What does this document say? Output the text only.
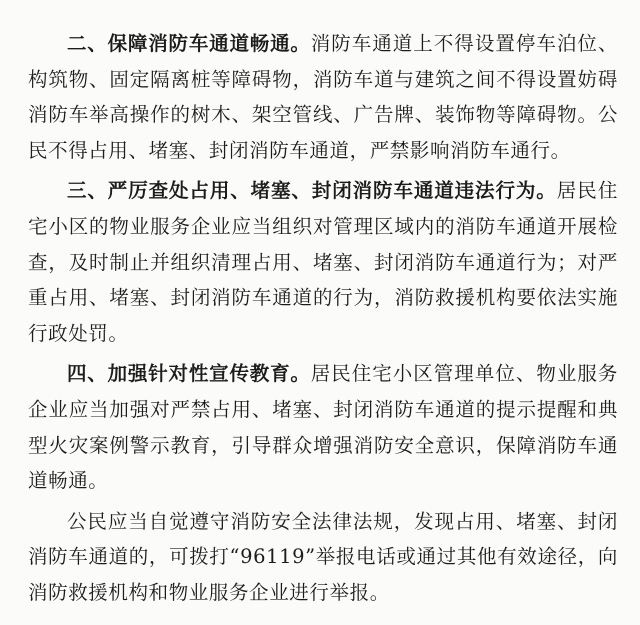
二、保障消防车通道畅通。消防车通道上不得设置停车泊位、构筑物、固定隔离桩等障碍物，消防车道与建筑之间不得设置妨碍消防车举高操作的树木、架空管线、广告牌、装饰物等障碍物。公民不得占用、堵塞、封闭消防车通道，严禁影响消防车通行。

三、严厉查处占用、堵塞、封闭消防车通道违法行为。居民住宅小区的物业服务企业应当组织对管理区域内的消防车通道开展检查，及时制止并组织清理占用、堵塞、封闭消防车通道行为；对严重占用、堵塞、封闭消防车通道的行为，消防救援机构要依法实施行政处罚。

四、加强针对性宣传教育。居民住宅小区管理单位、物业服务企业应当加强对严禁占用、堵塞、封闭消防车通道的提示提醒和典型火灾案例警示教育，引导群众增强消防安全意识，保障消防车通道畅通。

公民应当自觉遵守消防安全法律法规，发现占用、堵塞、封闭消防车通道的，可拨打“96119”举报电话或通过其他有效途径，向消防救援机构和物业服务企业进行举报。
